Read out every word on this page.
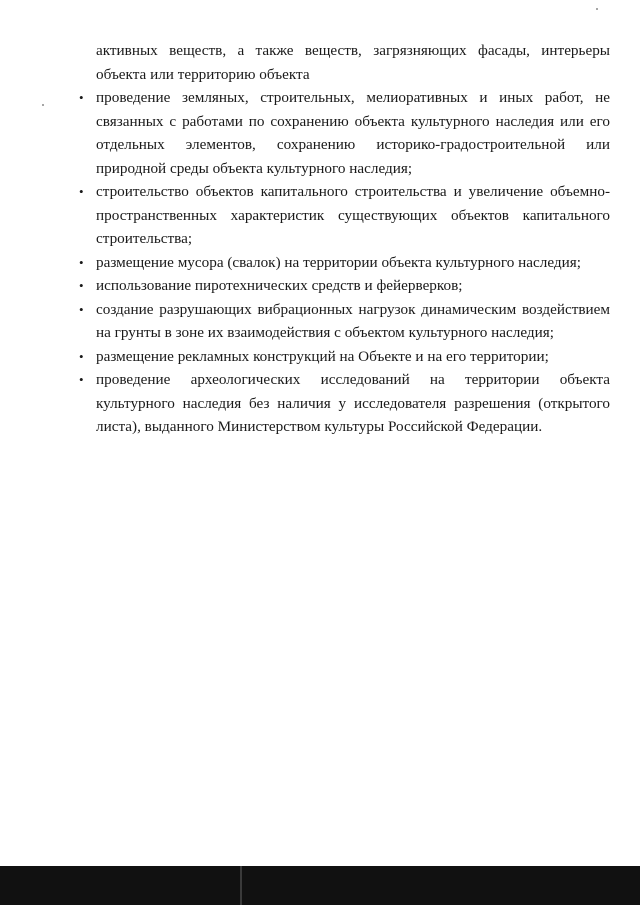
активных веществ, а также веществ, загрязняющих фасады, интерьеры объекта или территорию объекта

• проведение земляных, строительных, мелиоративных и иных работ, не связанных с работами по сохранению объекта культурного наследия или его отдельных элементов, сохранению историко-градостроительной или природной среды объекта культурного наследия;
• строительство объектов капитального строительства и увеличение объемно-пространственных характеристик существующих объектов капитального строительства;
• размещение мусора (свалок) на территории объекта культурного наследия;
• использование пиротехнических средств и фейерверков;
• создание разрушающих вибрационных нагрузок динамическим воздействием на грунты в зоне их взаимодействия с объектом культурного наследия;
• размещение рекламных конструкций на Объекте и на его территории;
• проведение археологических исследований на территории объекта культурного наследия без наличия у исследователя разрешения (открытого листа), выданного Министерством культуры Российской Федерации.
